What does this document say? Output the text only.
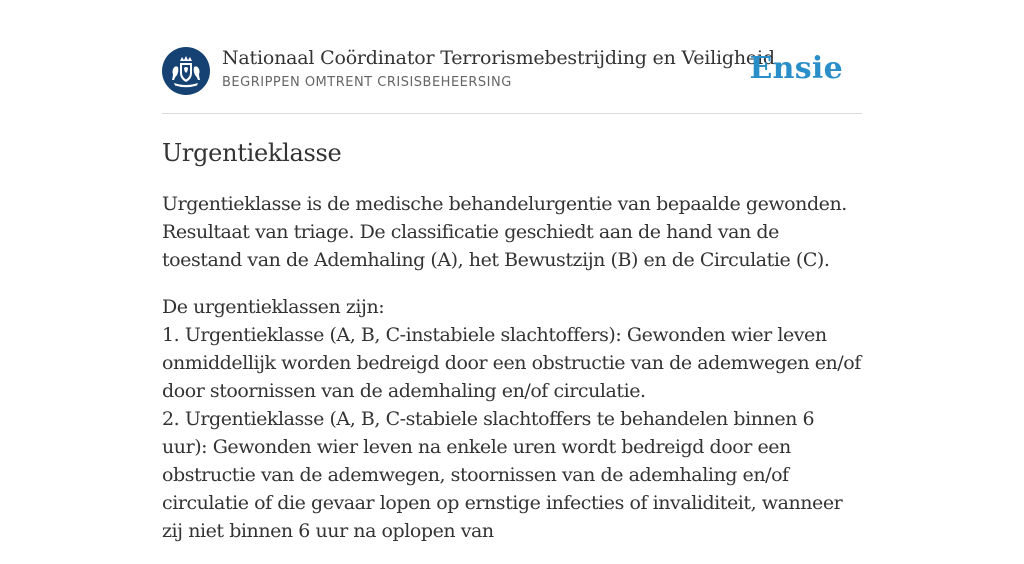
Nationaal Coördinator Terrorismebestrijding en Veiligheid
BEGRIPPEN OMTRENT CRISISBEHEERSING	Ensie
Urgentieklasse

Urgentieklasse is de medische behandelurgentie van bepaalde gewonden. Resultaat van triage. De classificatie geschiedt aan de hand van de toestand van de Ademhaling (A), het Bewustzijn (B) en de Circulatie (C).

De urgentieklassen zijn:
1. Urgentieklasse (A, B, C-instabiele slachtoffers): Gewonden wier leven onmiddellijk worden bedreigd door een obstructie van de ademwegen en/of door stoornissen van de ademhaling en/of circulatie.
2. Urgentieklasse (A, B, C-stabiele slachtoffers te behandelen binnen 6 uur): Gewonden wier leven na enkele uren wordt bedreigd door een obstructie van de ademwegen, stoornissen van de ademhaling en/of circulatie of die gevaar lopen op ernstige infecties of invaliditeit, wanneer zij niet binnen 6 uur na oplopen van
